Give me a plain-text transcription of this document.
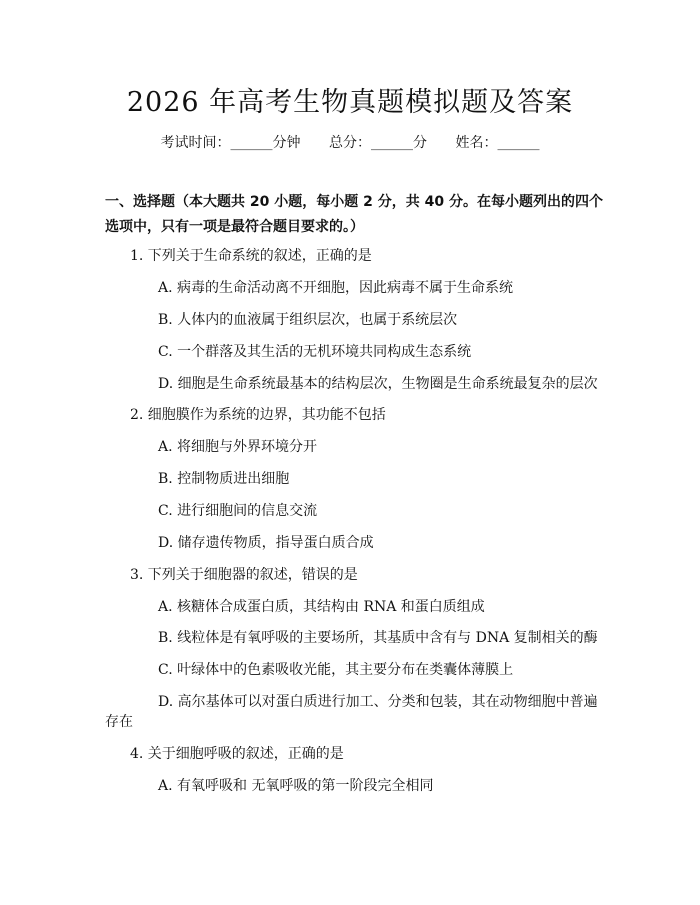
2026 年高考生物真题模拟题及答案
考试时间：______分钟 总分：______分 姓名：______
一、选择题（本大题共 20 小题，每小题 2 分，共 40 分。在每小题列出的四个选项中，只有一项是最符合题目要求的。）
1. 下列关于生命系统的叙述，正确的是
A. 病毒的生命活动离不开细胞，因此病毒不属于生命系统
B. 人体内的血液属于组织层次，也属于系统层次
C. 一个群落及其生活的无机环境共同构成生态系统
D. 细胞是生命系统最基本的结构层次，生物圈是生命系统最复杂的层次
2. 细胞膜作为系统的边界，其功能不包括
A. 将细胞与外界环境分开
B. 控制物质进出细胞
C. 进行细胞间的信息交流
D. 储存遗传物质，指导蛋白质合成
3. 下列关于细胞器的叙述，错误的是
A. 核糖体合成蛋白质，其结构由 RNA 和蛋白质组成
B. 线粒体是有氧呼吸的主要场所，其基质中含有与 DNA 复制相关的酶
C. 叶绿体中的色素吸收光能，其主要分布在类囊体薄膜上
D. 高尔基体可以对蛋白质进行加工、分类和包装，其在动物细胞中普遍
存在
4. 关于细胞呼吸的叙述，正确的是
A. 有氧呼吸和 无氧呼吸的第一阶段完全相同
